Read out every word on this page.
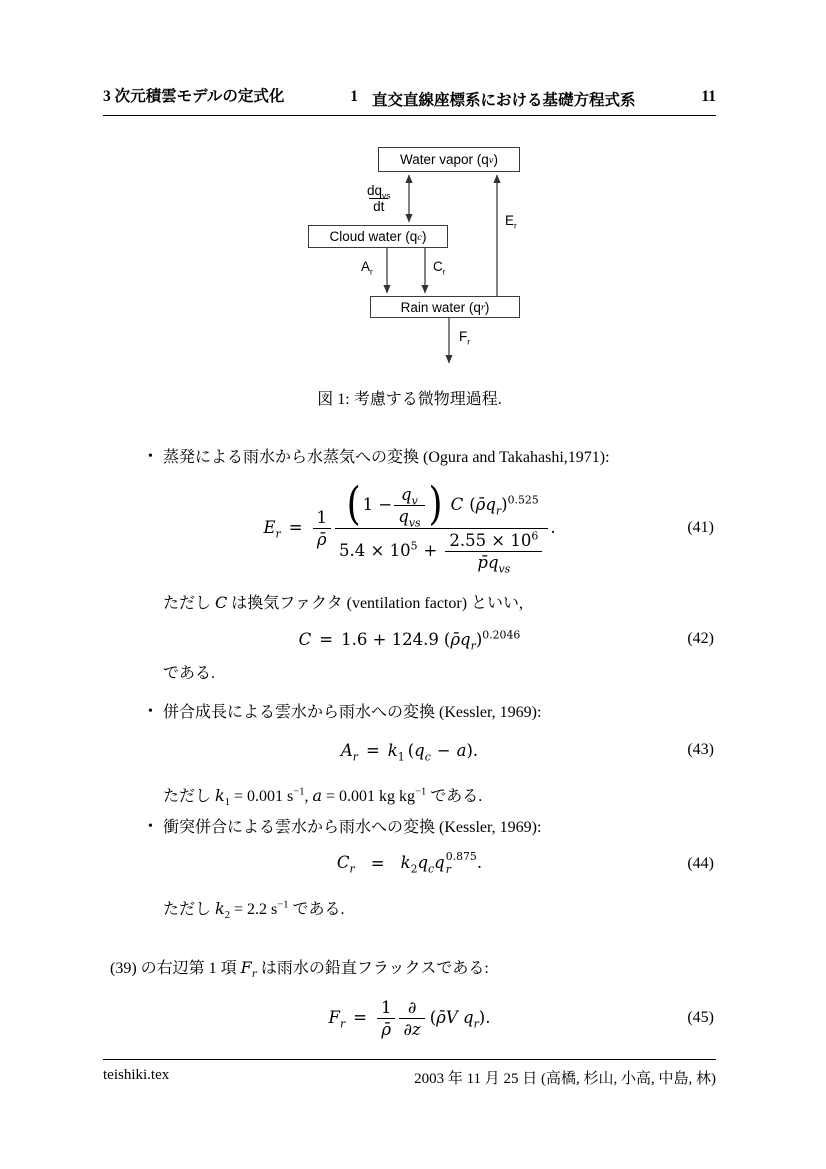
3 次元積雲モデルの定式化	1 直交直線座標系における基礎方程式系	11
Water vapor (q v )
Cloud water (q c )
Rain water (q r )
$dq_{vs}$
dt
$A_r$	$C_r$
$E_r$
$F_r$
図 1: 考慮する微物理過程.
• 蒸発による雨水から水蒸気への変換 (Ogura and Takahashi,1971):
$E_r = \frac{1}{\rhō} \frac{( 1 - \frac{q_v}{q_{vs}} ) C (\rhōq_r)^{0.525}}{5.4 \times 10^5 + \frac{2.55 \times 10^6}{p̄q_{vs}}}$ .	(41)
ただし C は換気ファクタ (ventilation factor) といい,
C = 1.6 + 124.9 $(\rhōq_r)^{0.2046}$	(42)
である.
• 併合成長による雲水から雨水への変換 (Kessler, 1969):
$A_r = k_1$ $(q_c - a)$.	(43)
ただし $k_1 = 0.001$ $s^{-1}$, a = 0.001 kg $kg^{-1}$ である.
• 衝突併合による雲水から雨水への変換 (Kessler, 1969):
$C_r = k_2q_cq$ 0.875
r	.	(44)
ただし $k_2 = 2.2$ $s^{-1}$ である.
(39) の右辺第 1 項 $F_r$ は雨水の鉛直フラックスである:
$F_r = \frac{1}{\rhō} \frac{\partial}{\partial z}$ (ρ̄V $q_r$).	(45)
teishiki.tex	2003 年 11 月 25 日 (高橋, 杉山, 小高, 中島, 林)
